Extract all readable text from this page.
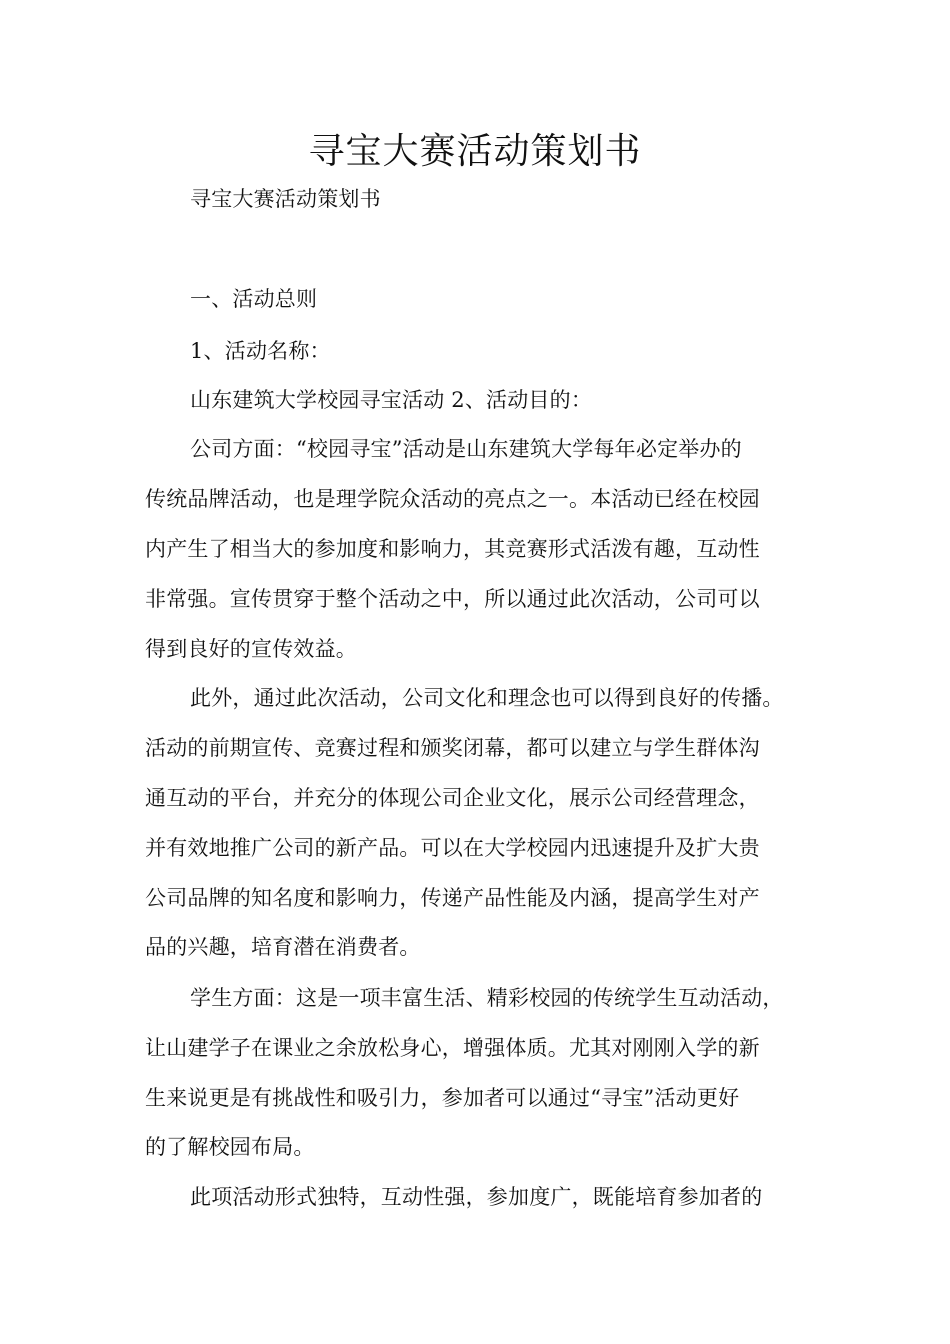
寻宝大赛活动策划书
寻宝大赛活动策划书
一、活动总则
1、活动名称：
山东建筑大学校园寻宝活动 2、活动目的：
公司方面：“校园寻宝”活动是山东建筑大学每年必定举办的
传统品牌活动，也是理学院众活动的亮点之一。本活动已经在校园
内产生了相当大的参加度和影响力，其竞赛形式活泼有趣，互动性
非常强。宣传贯穿于整个活动之中，所以通过此次活动，公司可以
得到良好的宣传效益。
此外，通过此次活动，公司文化和理念也可以得到良好的传播。
活动的前期宣传、竞赛过程和颁奖闭幕，都可以建立与学生群体沟
通互动的平台，并充分的体现公司企业文化，展示公司经营理念，
并有效地推广公司的新产品。可以在大学校园内迅速提升及扩大贵
公司品牌的知名度和影响力，传递产品性能及内涵，提高学生对产
品的兴趣，培育潜在消费者。
学生方面：这是一项丰富生活、精彩校园的传统学生互动活动，
让山建学子在课业之余放松身心，增强体质。尤其对刚刚入学的新
生来说更是有挑战性和吸引力，参加者可以通过“寻宝”活动更好
的了解校园布局。
此项活动形式独特，互动性强，参加度广，既能培育参加者的
